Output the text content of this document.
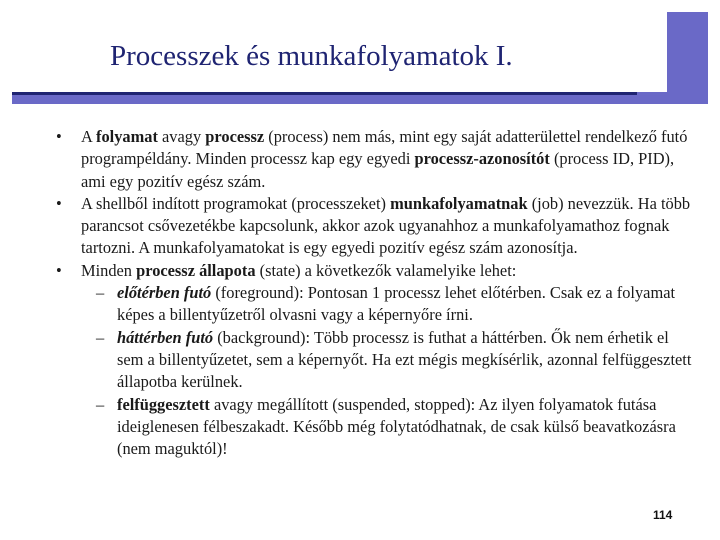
Processzek és munkafolyamatok I.
•	A folyamat avagy processz (process) nem más, mint egy saját adatterülettel rendelkező futó programpéldány. Minden processz kap egy egyedi processz-azonosítót (process ID, PID), ami egy pozitív egész szám.
•	A shellből indított programokat (processzeket) munkafolyamatnak (job) nevezzük. Ha több parancsot csővezetékbe kapcsolunk, akkor azok ugyanahhoz a munkafolyamathoz fognak tartozni. A munkafolyamatokat is egy egyedi pozitív egész szám azonosítja.
•	Minden processz állapota (state) a következők valamelyike lehet:
– előtérben futó (foreground): Pontosan 1 processz lehet előtérben. Csak ez a folyamat képes a billentyűzetről olvasni vagy a képernyőre írni.
– háttérben futó (background): Több processz is futhat a háttérben. Ők nem érhetik el sem a billentyűzetet, sem a képernyőt. Ha ezt mégis megkísérlik, azonnal felfüggesztett állapotba kerülnek.
– felfüggesztett avagy megállított (suspended, stopped): Az ilyen folyamatok futása ideiglenesen félbeszakadt. Később még folytatódhatnak, de csak külső beavatkozásra (nem maguktól)!
114
